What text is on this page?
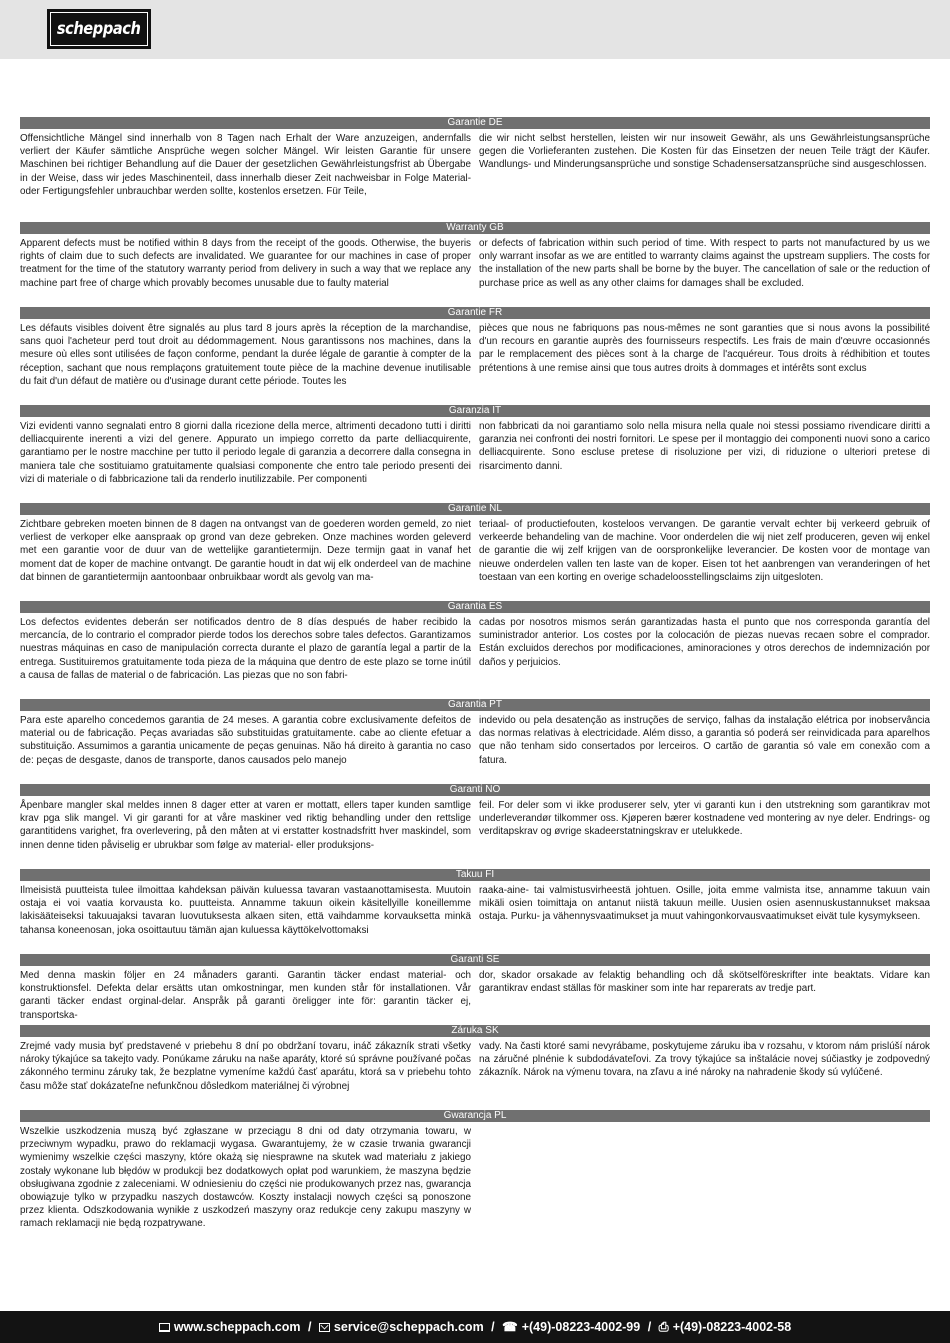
scheppach
Garantie DE

Offensichtliche Mängel sind innerhalb von 8 Tagen nach Erhalt der Ware anzuzeigen, andernfalls verliert der Käufer sämtliche Ansprüche wegen solcher Mängel. Wir leisten Garantie für unsere Maschinen bei richtiger Behandlung auf die Dauer der gesetzlichen Gewährleistungsfrist ab Übergabe in der Weise, dass wir jedes Maschinenteil, dass innerhalb dieser Zeit nachweisbar in Folge Material- oder Fertigungsfehler unbrauchbar werden sollte, kostenlos ersetzen. Für Teile,

die wir nicht selbst herstellen, leisten wir nur insoweit Gewähr, als uns Gewährleistungsansprüche gegen die Vorlieferanten zustehen. Die Kosten für das Einsetzen der neuen Teile trägt der Käufer. Wandlungs- und Minderungsansprüche und sonstige Schadensersatzansprüche sind ausgeschlossen.

Warranty GB

Apparent defects must be notified within 8 days from the receipt of the goods. Otherwise, the buyeris rights of claim due to such defects are invalidated. We guarantee for our machines in case of proper treatment for the time of the statutory warranty period from delivery in such a way that we replace any machine part free of charge which provably becomes unusable due to faulty material

or defects of fabrication within such period of time. With respect to parts not manufactured by us we only warrant insofar as we are entitled to warranty claims against the upstream suppliers. The costs for the installation of the new parts shall be borne by the buyer. The cancellation of sale or the reduction of purchase price as well as any other claims for damages shall be excluded.

Garantie FR

Les défauts visibles doivent être signalés au plus tard 8 jours après la réception de la marchandise, sans quoi l'acheteur perd tout droit au dédommagement. Nous garantissons nos machines, dans la mesure où elles sont utilisées de façon conforme, pendant la durée légale de garantie à compter de la réception, sachant que nous remplaçons gratuitement toute pièce de la machine devenue inutilisable du fait d'un défaut de matière ou d'usinage durant cette période. Toutes les

pièces que nous ne fabriquons pas nous-mêmes ne sont garanties que si nous avons la possibilité d'un recours en garantie auprès des fournisseurs respectifs. Les frais de main d'œuvre occasionnés par le remplacement des pièces sont à la charge de l'acquéreur. Tous droits à rédhibition et toutes prétentions à une remise ainsi que tous autres droits à dommages et intérêts sont exclus

Garanzia IT

Vizi evidenti vanno segnalati entro 8 giorni dalla ricezione della merce, altrimenti decadono tutti i diritti delliacquirente inerenti a vizi del genere. Appurato un impiego corretto da parte delliacquirente, garantiamo per le nostre macchine per tutto il periodo legale di garanzia a decorrere dalla consegna in maniera tale che sostituiamo gratuitamente qualsiasi componente che entro tale periodo presenti dei vizi di materiale o di fabbricazione tali da renderlo inutilizzabile. Per componenti

non fabbricati da noi garantiamo solo nella misura nella quale noi stessi possiamo rivendicare diritti a garanzia nei confronti dei nostri fornitori. Le spese per il montaggio dei componenti nuovi sono a carico delliacquirente. Sono escluse pretese di risoluzione per vizi, di riduzione o ulteriori pretese di risarcimento danni.

Garantie NL

Zichtbare gebreken moeten binnen de 8 dagen na ontvangst van de goederen worden gemeld, zo niet verliest de verkoper elke aanspraak op grond van deze gebreken. Onze machines worden geleverd met een garantie voor de duur van de wettelijke garantietermijn. Deze termijn gaat in vanaf het moment dat de koper de machine ontvangt. De garantie houdt in dat wij elk onderdeel van de machine dat binnen de garantietermijn aantoonbaar onbruikbaar wordt als gevolg van ma-

teriaal- of productiefouten, kosteloos vervangen. De garantie vervalt echter bij verkeerd gebruik of verkeerde behandeling van de machine. Voor onderdelen die wij niet zelf produceren, geven wij enkel de garantie die wij zelf krijgen van de oorspronkelijke leverancier. De kosten voor de montage van nieuwe onderdelen vallen ten laste van de koper. Eisen tot het aanbrengen van veranderingen of het toestaan van een korting en overige schadeloosstellingsclaims zijn uitgesloten.

Garantia ES

Los defectos evidentes deberán ser notificados dentro de 8 días después de haber recibido la mercancía, de lo contrario el comprador pierde todos los derechos sobre tales defectos. Garantizamos nuestras máquinas en caso de manipulación correcta durante el plazo de garantía legal a partir de la entrega. Sustituiremos gratuitamente toda pieza de la máquina que dentro de este plazo se torne inútil a causa de fallas de material o de fabricación. Las piezas que no son fabri-

cadas por nosotros mismos serán garantizadas hasta el punto que nos corresponda garantía del suministrador anterior. Los costes por la colocación de piezas nuevas recaen sobre el comprador. Están excluidos derechos por modificaciones, aminoraciones y otros derechos de indemnización por daños y perjuicios.

Garantia PT

Para este aparelho concedemos garantia de 24 meses. A garantia cobre exclusivamente defeitos de material ou de fabricação. Peças avariadas são substituidas gratuitamente. cabe ao cliente efetuar a substituição. Assumimos a garantia unicamente de peças genuinas. Não há direito à garantia no caso de: peças de desgaste, danos de transporte, danos causados pelo manejo

indevido ou pela desatenção as instruções de serviço, falhas da instalação elétrica por inobservância das normas relativas à electricidade. Além disso, a garantia só poderá ser reinvidicada para aparelhos que não tenham sido consertados por lerceiros. O cartão de garantia só vale em conexão com a fatura.

Garanti NO

Åpenbare mangler skal meldes innen 8 dager etter at varen er mottatt, ellers taper kunden samtlige krav pga slik mangel. Vi gir garanti for at våre maskiner ved riktig behandling under den rettslige garantitidens varighet, fra overlevering, på den måten at vi erstatter kostnadsfritt hver maskindel, som innen denne tiden påviselig er ubrukbar som følge av material- eller produksjons-

feil. For deler som vi ikke produserer selv, yter vi garanti kun i den utstrekning som garantikrav mot underleverandør tilkommer oss. Kjøperen bærer kostnadene ved montering av nye deler. Endrings- og verditapskrav og øvrige skadeerstatningskrav er utelukkede.

Takuu FI

Ilmeisistä puutteista tulee ilmoittaa kahdeksan päivän kuluessa tavaran vastaanottamisesta. Muutoin ostaja ei voi vaatia korvausta ko. puutteista. Annamme takuun oikein käsitellyille koneillemme lakisääteiseksi takuuajaksi tavaran luovutuksesta alkaen siten, että vaihdamme korvauksetta minkä tahansa koneenosan, joka osoittautuu tämän ajan kuluessa käyttökelvottomaksi

raaka-aine- tai valmistusvirheestä johtuen. Osille, joita emme valmista itse, annamme takuun vain mikäli osien toimittaja on antanut niistä takuun meille. Uusien osien asennuskustannukset maksaa ostaja. Purku- ja vähennysvaatimukset ja muut vahingonkorvausvaatimukset eivät tule kysymykseen.

Garanti SE

Med denna maskin följer en 24 månaders garanti. Garantin täcker endast material- och konstruktionsfel. Defekta delar ersätts utan omkostningar, men kunden står för installationen. Vår garanti täcker endast orginal-delar. Anspråk på garanti öreligger inte för: garantin täcker ej, transportska-

dor, skador orsakade av felaktig behandling och då skötselföreskrifter inte beaktats. Vidare kan garantikrav endast ställas för maskiner som inte har reparerats av tredje part.

Záruka SK

Zrejmé vady musia byť predstavené v priebehu 8 dní po obdržaní tovaru, ináč zákazník strati všetky nároky týkajúce sa takejto vady. Ponúkame záruku na naše aparáty, ktoré sú správne používané počas zákonného terminu záruky tak, že bezplatne vymeníme každú časť aparátu, ktorá sa v priebehu tohto času môže stať dokázateľne nefunkčnou dôsledkom materiálnej či výrobnej

vady. Na časti ktoré sami nevyrábame, poskytujeme záruku iba v rozsahu, v ktorom nám prislúší nárok na záručné plnénie k subdodávateľovi. Za trovy týkajúce sa inštalácie novej súčiastky je zodpovedný zákazník. Nárok na výmenu tovara, na zľavu a iné nároky na nahradenie škody sú vylúčené.

Gwarancja PL

Wszelkie uszkodzenia muszą być zgłaszane w przeciągu 8 dni od daty otrzymania towaru, w przeciwnym wypadku, prawo do reklamacji wygasa. Gwarantujemy, że w czasie trwania gwarancji wymienimy wszelkie części maszyny, które okażą się niesprawne na skutek wad materiału z jakiego zostały wykonane lub błędów w produkcji bez dodatkowych opłat pod warunkiem, że maszyna będzie obsługiwana zgodnie z zaleceniami. W odniesieniu do części nie produkowanych przez nas, gwarancja obowiązuje tylko w przypadku naszych dostawców. Koszty instalacji nowych części są ponoszone przez klienta. Odszkodowania wynikłe z uszkodzeń maszyny oraz redukcje ceny zakupu maszyny w ramach reklamacji nie będą rozpatrywane.

www.scheppach.com / service@scheppach.com / ☎ +(49)-08223-4002-99 / ⎙ +(49)-08223-4002-58
